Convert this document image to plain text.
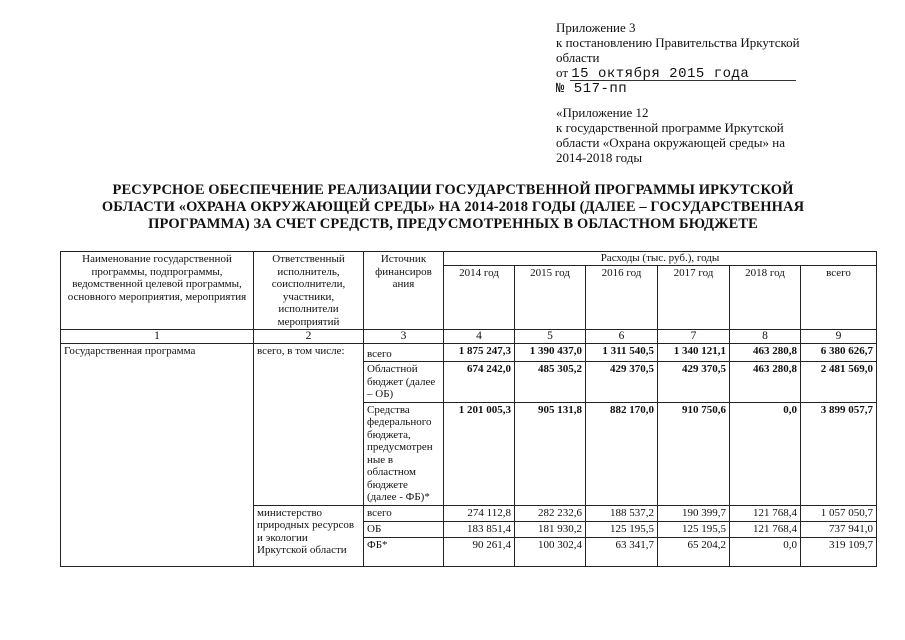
Приложение 3
к постановлению Правительства Иркутской
области
от 15 октября 2015 года
№ 517-пп
«Приложение 12
к государственной программе Иркутской
области «Охрана окружающей среды» на
2014-2018 годы
РЕСУРСНОЕ ОБЕСПЕЧЕНИЕ РЕАЛИЗАЦИИ ГОСУДАРСТВЕННОЙ ПРОГРАММЫ ИРКУТСКОЙ
ОБЛАСТИ «ОХРАНА ОКРУЖАЮЩЕЙ СРЕДЫ» НА 2014-2018 ГОДЫ (ДАЛЕЕ – ГОСУДАРСТВЕННАЯ
ПРОГРАММА) ЗА СЧЕТ СРЕДСТВ, ПРЕДУСМОТРЕННЫХ В ОБЛАСТНОМ БЮДЖЕТЕ
Наименование государственной программы, подпрограммы, ведомственной целевой программы, основного мероприятия, мероприятия	Ответственный исполнитель, соисполнители, участники, исполнители мероприятий	Источник финансиров ания	Расходы (тыс. руб.), годы					
			2014 год	2015 год	2016 год	2017 год	2018 год	всего
1	2	3	4	5	6	7	8	9
Государственная программа	всего, в том числе:	всего	1 875 247,3	1 390 437,0	1 311 540,5	1 340 121,1	463 280,8	6 380 626,7
		Областной бюджет (далее – ОБ)	674 242,0	485 305,2	429 370,5	429 370,5	463 280,8	2 481 569,0
		Средства федерального бюджета, предусмотрен ные в областном бюджете (далее - ФБ)*	1 201 005,3	905 131,8	882 170,0	910 750,6	0,0	3 899 057,7
	министерство природных ресурсов и экологии Иркутской области	всего	274 112,8	282 232,6	188 537,2	190 399,7	121 768,4	1 057 050,7
		ОБ	183 851,4	181 930,2	125 195,5	125 195,5	121 768,4	737 941,0
		ФБ*	90 261,4	100 302,4	63 341,7	65 204,2	0,0	319 109,7
